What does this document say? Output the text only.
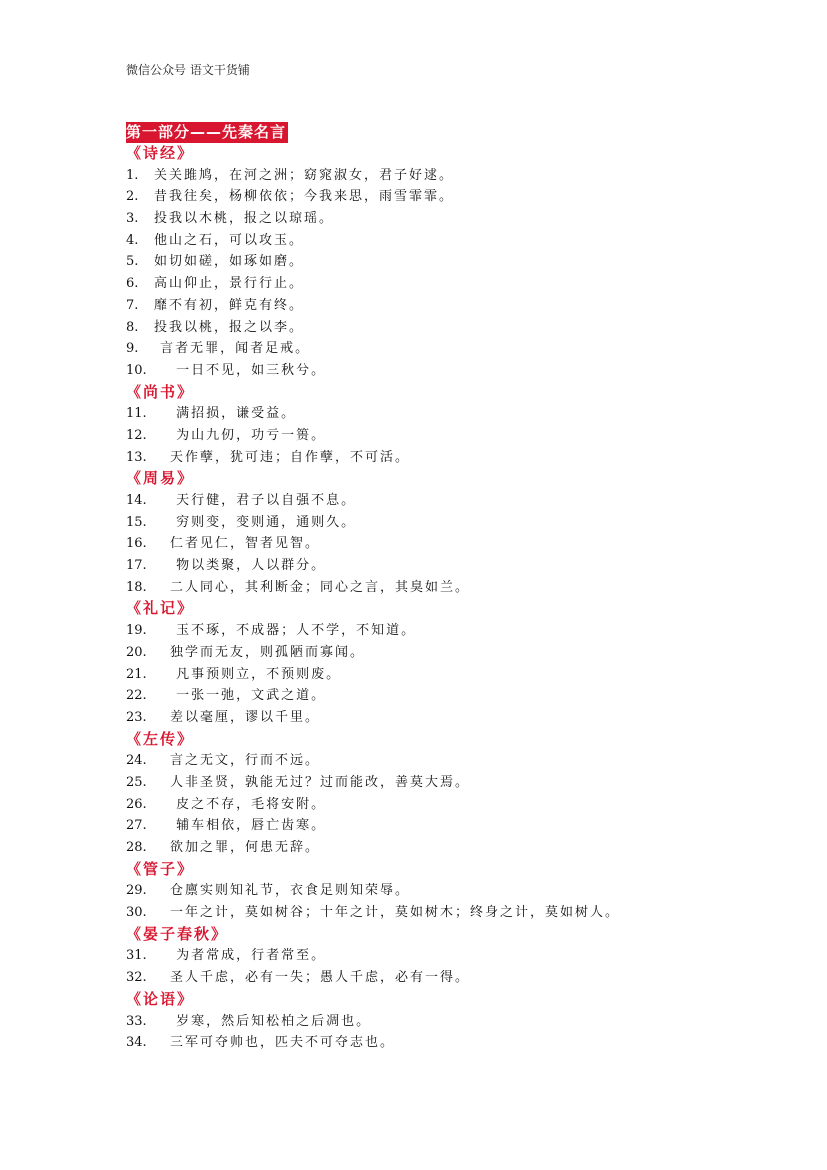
微信公众号 语文干货铺
第一部分——先秦名言
《诗经》
1. 关关雎鸠，在河之洲；窈窕淑女，君子好逑。
2. 昔我往矣，杨柳依依；今我来思，雨雪霏霏。
3. 投我以木桃，报之以琼瑶。
4. 他山之石，可以攻玉。
5. 如切如磋，如琢如磨。
6. 高山仰止，景行行止。
7. 靡不有初，鲜克有终。
8. 投我以桃，报之以李。
9. 言者无罪，闻者足戒。
10. 一日不见，如三秋兮。
《尚书》
11. 满招损，谦受益。
12. 为山九仞，功亏一篑。
13. 天作孽，犹可违；自作孽，不可活。
《周易》
14. 天行健，君子以自强不息。
15. 穷则变，变则通，通则久。
16. 仁者见仁，智者见智。
17. 物以类聚，人以群分。
18. 二人同心，其利断金；同心之言，其臭如兰。
《礼记》
19. 玉不琢，不成器；人不学，不知道。
20. 独学而无友，则孤陋而寡闻。
21. 凡事预则立，不预则废。
22. 一张一弛，文武之道。
23. 差以毫厘，谬以千里。
《左传》
24. 言之无文，行而不远。
25. 人非圣贤，孰能无过？过而能改，善莫大焉。
26. 皮之不存，毛将安附。
27. 辅车相依，唇亡齿寒。
28. 欲加之罪，何患无辞。
《管子》
29. 仓廪实则知礼节，衣食足则知荣辱。
30. 一年之计，莫如树谷；十年之计，莫如树木；终身之计，莫如树人。
《晏子春秋》
31. 为者常成，行者常至。
32. 圣人千虑，必有一失；愚人千虑，必有一得。
《论语》
33. 岁寒，然后知松柏之后凋也。
34. 三军可夺帅也，匹夫不可夺志也。
